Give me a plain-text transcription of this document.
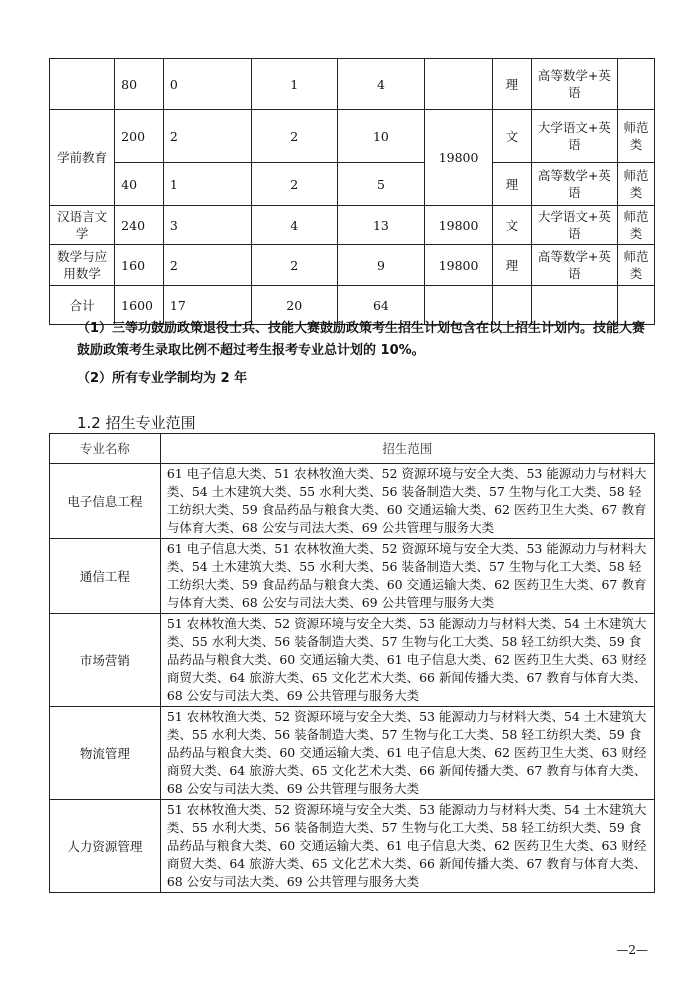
	80	0	1	4		理	高等数学+英语	
学前教育	200	2	2	10	19800	文	大学语文+英语	师范类
	40	1	2	5		理	高等数学+英语	师范类
汉语言文学	240	3	4	13	19800	文	大学语文+英语	师范类
数学与应用数学	160	2	2	9	19800	理	高等数学+英语	师范类
合计	1600	17	20	64				
（1）三等功鼓励政策退役士兵、技能大赛鼓励政策考生招生计划包含在以上招生计划内。技能大赛鼓励政策考生录取比例不超过考生报考专业总计划的 10%。
（2）所有专业学制均为 2 年
1.2 招生专业范围
专业名称	招生范围
电子信息工程	61 电子信息大类、51 农林牧渔大类、52 资源环境与安全大类、53 能源动力与材料大类、54 土木建筑大类、55 水利大类、56 装备制造大类、57 生物与化工大类、58 轻工纺织大类、59 食品药品与粮食大类、60 交通运输大类、62 医药卫生大类、67 教育与体育大类、68 公安与司法大类、69 公共管理与服务大类
通信工程	61 电子信息大类、51 农林牧渔大类、52 资源环境与安全大类、53 能源动力与材料大类、54 土木建筑大类、55 水利大类、56 装备制造大类、57 生物与化工大类、58 轻工纺织大类、59 食品药品与粮食大类、60 交通运输大类、62 医药卫生大类、67 教育与体育大类、68 公安与司法大类、69 公共管理与服务大类
市场营销	51 农林牧渔大类、52 资源环境与安全大类、53 能源动力与材料大类、54 土木建筑大类、55 水利大类、56 装备制造大类、57 生物与化工大类、58 轻工纺织大类、59 食品药品与粮食大类、60 交通运输大类、61 电子信息大类、62 医药卫生大类、63 财经商贸大类、64 旅游大类、65 文化艺术大类、66 新闻传播大类、67 教育与体育大类、68 公安与司法大类、69 公共管理与服务大类
物流管理	51 农林牧渔大类、52 资源环境与安全大类、53 能源动力与材料大类、54 土木建筑大类、55 水利大类、56 装备制造大类、57 生物与化工大类、58 轻工纺织大类、59 食品药品与粮食大类、60 交通运输大类、61 电子信息大类、62 医药卫生大类、63 财经商贸大类、64 旅游大类、65 文化艺术大类、66 新闻传播大类、67 教育与体育大类、68 公安与司法大类、69 公共管理与服务大类
人力资源管理	51 农林牧渔大类、52 资源环境与安全大类、53 能源动力与材料大类、54 土木建筑大类、55 水利大类、56 装备制造大类、57 生物与化工大类、58 轻工纺织大类、59 食品药品与粮食大类、60 交通运输大类、61 电子信息大类、62 医药卫生大类、63 财经商贸大类、64 旅游大类、65 文化艺术大类、66 新闻传播大类、67 教育与体育大类、68 公安与司法大类、69 公共管理与服务大类
—2—
